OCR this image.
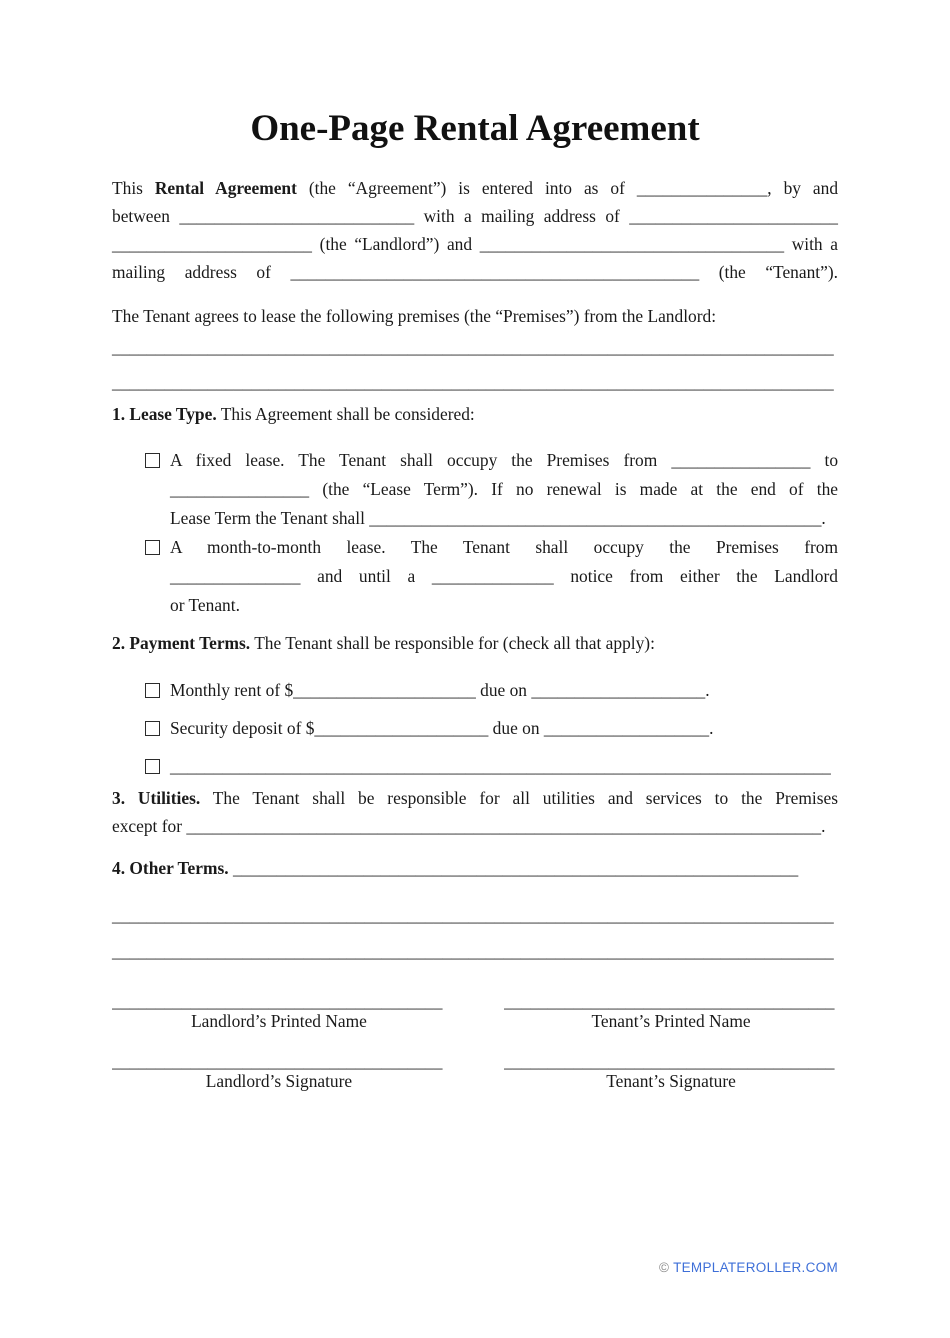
One-Page Rental Agreement
This Rental Agreement (the “Agreement”) is entered into as of _______________, by and
between ___________________________ with a mailing address of ________________________
_______________________ (the “Landlord”) and ___________________________________ with a
mailing address of _______________________________________________ (the “Tenant”).
The Tenant agrees to lease the following premises (the “Premises”) from the Landlord:
___________________________________________________________________________________
___________________________________________________________________________________
1. Lease Type. This Agreement shall be considered:
A fixed lease. The Tenant shall occupy the Premises from ________________ to
________________ (the “Lease Term”). If no renewal is made at the end of the
Lease Term the Tenant shall ____________________________________________________.
A month-to-month lease. The Tenant shall occupy the Premises from
_______________ and until a ______________ notice from either the Landlord
or Tenant.
2. Payment Terms. The Tenant shall be responsible for (check all that apply):
Monthly rent of $_____________________ due on ____________________.
Security deposit of $____________________ due on ___________________.
____________________________________________________________________________
3. Utilities. The Tenant shall be responsible for all utilities and services to the Premises
except for _________________________________________________________________________.
4. Other Terms. _________________________________________________________________
___________________________________________________________________________________
___________________________________________________________________________________
______________________________________
Landlord’s Printed Name
______________________________________
Tenant’s Printed Name
______________________________________
Landlord’s Signature
______________________________________
Tenant’s Signature
© TEMPLATEROLLER.COM
